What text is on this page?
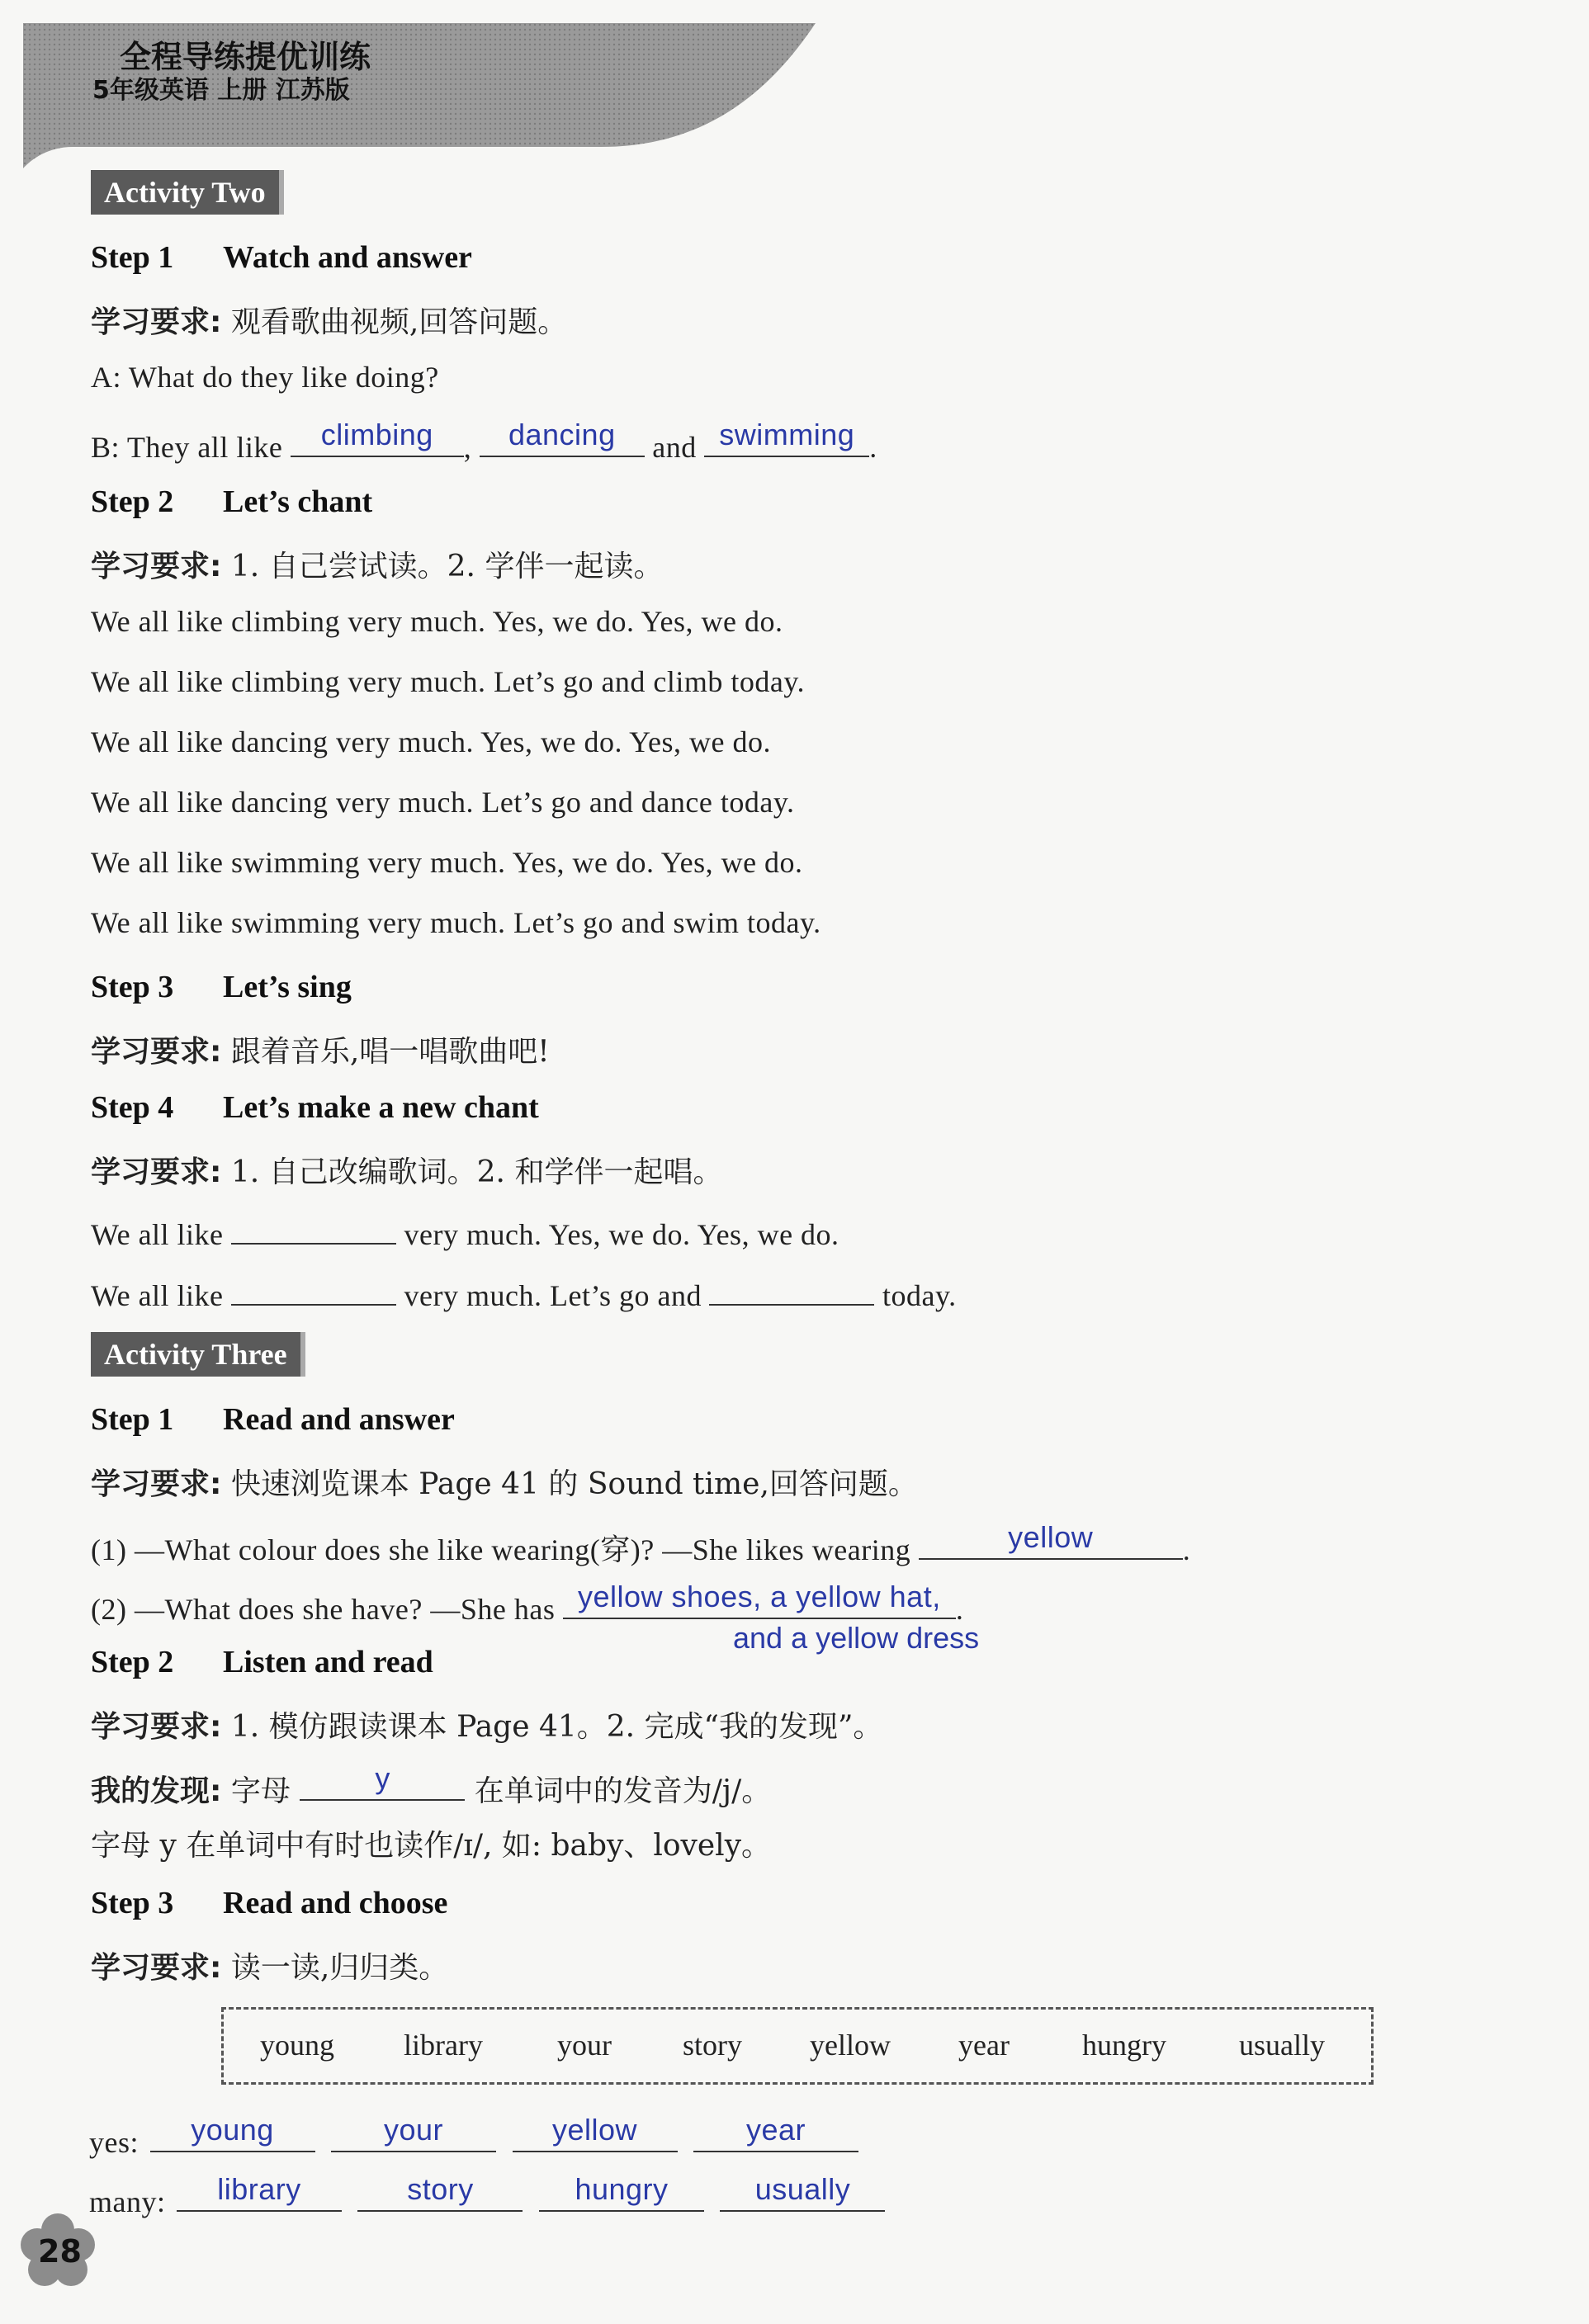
全程导练提优训练
5年级英语 上册 江苏版
Activity Two
Step 1 Watch and answer
学习要求: 观看歌曲视频,回答问题。
A: What do they like doing?
B: They all like	climbing	,	dancing	and swimming .
Step 2 Let’s chant
学习要求: 1. 自己尝试读。2. 学伴一起读。
We all like climbing very much. Yes, we do. Yes, we do.
We all like climbing very much. Let’s go and climb today.
We all like dancing very much. Yes, we do. Yes, we do.
We all like dancing very much. Let’s go and dance today.
We all like swimming very much. Yes, we do. Yes, we do.
We all like swimming very much. Let’s go and swim today.
Step 3 Let’s sing
学习要求: 跟着音乐,唱一唱歌曲吧!
Step 4 Let’s make a new chant
学习要求: 1. 自己改编歌词。2. 和学伴一起唱。
We all like	very much. Yes, we do. Yes, we do.
We all like	very much. Let’s go and	today.
Activity Three
Step 1 Read and answer
学习要求: 快速浏览课本 Page 41 的 Sound time,回答问题。
(1) —What colour does she like wearing(穿)? —She likes wearing	yellow	.
(2) —What does she have? —She has yellow shoes, a yellow hat, .
and a yellow dress
Step 2 Listen and read
学习要求: 1. 模仿跟读课本 Page 41。2. 完成“我的发现”。
我的发现: 字母	y	在单词中的发音为/j/。
字母 y 在单词中有时也读作/ɪ/, 如: baby、lovely。
Step 3 Read and choose
学习要求: 读一读,归归类。
young library	your story yellow year hungry usually
yes:	young
	your
	yellow
	year
many:	library
	story
	hungry
	usually
28
